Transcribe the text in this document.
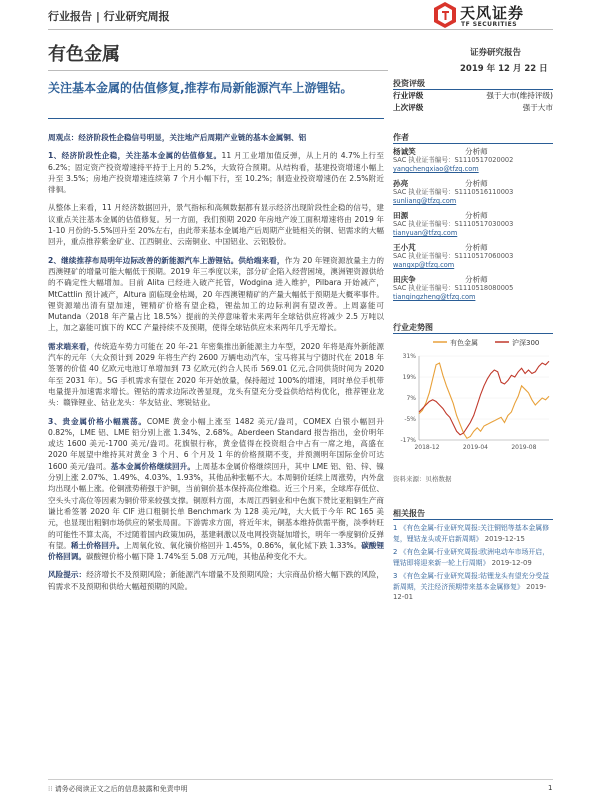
行业报告 | 行业研究周报	天风证券
TF SECURITIES
有色金属	证券研究报告
2019 年 12 月 22 日
关注基本金属的估值修复,推荐布局新能源汽车上游锂钴。

周观点：经济阶段性企稳信号明显，关注地产后周期产业链的基本金属铜、铝

1、经济阶段性企稳，关注基本金属的估值修复。11 月工业增加值反弹，从上月的 4.7%上行至 6.2%；固定资产投资增速持平持于上月的 5.2%，大致符合预期。从结构看，基建投资增速小幅上升至 3.5%；房地产投资增速连续第 7 个月小幅下行，至 10.2%；制造业投资增速仍在 2.5%附近徘徊。

从整体上来看，11 月经济数据回升，景气指标和高频数据都有显示经济出现阶段性企稳的信号，建议重点关注基本金属的估值修复。另一方面，我们预期 2020 年房地产竣工面积增速将由 2019 年 1-10 月份的-5.5%回升至 20%左右，由此带来基本金属地产后周期产业链相关的铜、铝需求的大幅回升，重点推荐紫金矿业、江西铜业、云南铜业、中国铝业、云铝股份。

2、继续推荐布局明年边际改善的新能源汽车上游锂钴。供给端来看，作为 20 年锂资源放量主力的西澳锂矿的增量可能大幅低于预期。2019 年三季度以来，部分矿企陷入经营困境，澳洲锂资源供给的不确定性大幅增加。目前 Alita 已经进入破产托管，Wodgina 进入维护，Pilbara 开始减产，MtCattlin 预计减产，Altura 面临现金枯竭，20 年西澳锂精矿的产量大幅低于预期是大概率事件。锂资源端出清有望加速，锂精矿价格有望企稳，锂盐加工的边际利润有望改善。上周嘉能可 Mutanda（2018 年产量占比 18.5%）提前的关停意味着未来两年全球钴供应将减少 2.5 万吨以上，加之嘉能可旗下的 KCC 产量持续不及预期，使得全球钴供应未来两年几乎无增长。

需求端来看，传统造车势力可能在 20 年-21 年密集推出新能源主力车型，2020 年将是海外新能源汽车的元年（大众预计到 2029 年将生产约 2600 万辆电动汽车，宝马将其与宁德时代在 2018 年签署的价值 40 亿欧元电池订单增加到 73 亿欧元(约合人民币 569.01 亿元,合同供货时间为 2020 年至 2031 年）。5G 手机需求有望在 2020 年开始放量，保持超过 100%的增速，同时单位手机带电量提升加速需求增长。锂钴的需求边际改善显现，龙头有望充分受益供给结构优化，推荐锂业龙头：赣锋锂业、钴业龙头：华友钴业、寒锐钴业。

3、贵金属价格小幅震荡。COME 黄金小幅上涨至 1482 美元/盎司，COMEX 白银小幅回升 0.82%，LME 铝、LME 铅分别上涨 1.34%、2.68%。Aberdeen Standard 报告指出，金价明年或达 1600 美元-1700 美元/盎司。花旗银行称，黄金值得在投资组合中占有一席之地，高盛在 2020 年展望中维持其对黄金 3 个月、6 个月及 1 年的价格预期不变，并预测明年国际金价可达 1600 美元/盎司。基本金属价格继续回升。上周基本金属价格继续回升，其中 LME 铝、铅、锌、镍分别上涨 2.07%、1.49%、4.03%、1.93%，其他品种张幅不大。本周铜价延续上周涨势，内外盘均出现小幅上涨。伦铜涨势稍强于沪铜，当前铜价基本保持高位维稳。近三个月来，全球库存低位、空头头寸高位等因素为铜价带来较强支撑。铜原料方面，本周江西铜业和中色旗下赞比亚粗铜生产商谦比希签署 2020 年 CIF 进口粗铜长单 Benchmark 为 128 美元/吨，大大低于今年 RC 165 美元，也显现出粗铜市场供应的紧张局面。下游需求方面，将近年末，铜基本维持供需平衡，淡季转旺的可能性不算太高，不过随着国内政策加码，基建刺激以及电网投资疑加增长，明年一季度铜价反弹有望。稀土价格回升。上周氧化钕、氧化镝价格回升 1.45%，0.86%，氧化铽下跌 1.33%。碳酸锂价格回调。碳酸锂价格小幅下降 1.74%至 5.08 万元/吨，其他品种变化不大。

风险提示：经济增长不及预期风险；新能源汽车增量不及预期风险；大宗商品价格大幅下跌的风险，钨需求不及预期和供给大幅超预期的风险。

投资评级
行业评级	强于大市(维持评级)
上次评级	强于大市
作者
杨诚笑	分析师
SAC 执业证书编号：S1110517020002
yangchengxiao@tfzq.com
孙亮	分析师
SAC 执业证书编号：S1110516110003
sunliang@tfzq.com
田源	分析师
SAC 执业证书编号：S1110517030003
tianyuan@tfzq.com
王小芃	分析师
SAC 执业证书编号：S1110517060003
wangxp@tfzq.com
田庆争	分析师
SAC 执业证书编号：S1110518080005
tianqingzheng@tfzq.com
行业走势图
有色金属	沪深300
31%
19%
7%
-5%
-17%
2018-12	2019-04	2019-08
资料来源：贝格数据
相关报告
1 《有色金属-行业研究周报:关注铜铝等基本金属修复，锂钴龙头或开启新周期》 2019-12-15
2 《有色金属-行业研究周报:欧洲电动车市场开启，锂钴即将迎来新一轮上行周期》 2019-12-09
3 《有色金属-行业研究周报:钴锂龙头有望充分受益新周期，关注经济预期带来基本金属修复》 2019-12-01
⁞⁞ 请务必阅读正文之后的信息披露和免责申明	1
